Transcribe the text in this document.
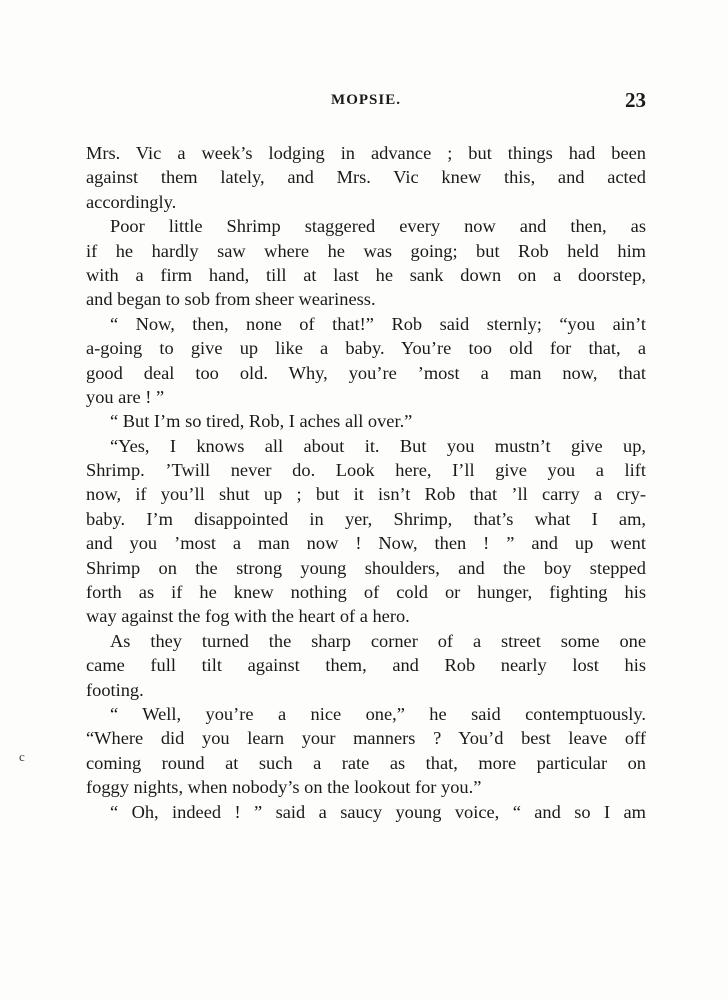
MOPSIE.	23
c
Mrs. Vic a week’s lodging in advance ; but things had been
against them lately, and Mrs. Vic knew this, and acted
accordingly.
Poor little Shrimp staggered every now and then, as
if he hardly saw where he was going; but Rob held him
with a firm hand, till at last he sank down on a doorstep,
and began to sob from sheer weariness.
“ Now, then, none of that!” Rob said sternly; “you ain’t
a-going to give up like a baby. You’re too old for that, a
good deal too old. Why, you’re ’most a man now, that
you are ! ”
“ But I’m so tired, Rob, I aches all over.”
“Yes, I knows all about it. But you mustn’t give up,
Shrimp. ’Twill never do. Look here, I’ll give you a lift
now, if you’ll shut up ; but it isn’t Rob that ’ll carry a cry-
baby. I’m disappointed in yer, Shrimp, that’s what I am,
and you ’most a man now ! Now, then ! ” and up went
Shrimp on the strong young shoulders, and the boy stepped
forth as if he knew nothing of cold or hunger, fighting his
way against the fog with the heart of a hero.
As they turned the sharp corner of a street some one
came full tilt against them, and Rob nearly lost his
footing.
“ Well, you’re a nice one,” he said contemptuously.
“Where did you learn your manners ? You’d best leave off
coming round at such a rate as that, more particular on
foggy nights, when nobody’s on the lookout for you.”
“ Oh, indeed ! ” said a saucy young voice, “ and so I am
